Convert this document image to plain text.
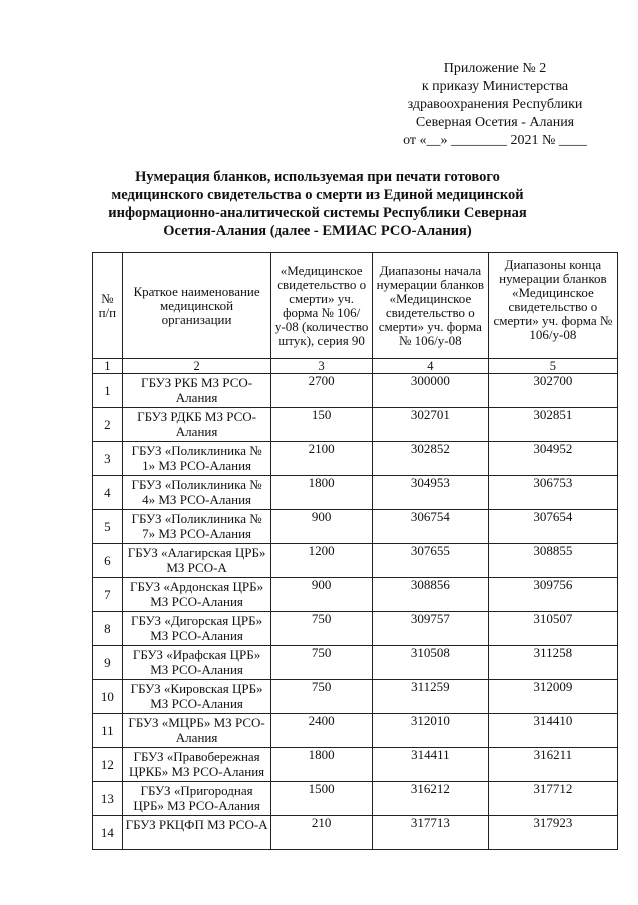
Приложение № 2
к приказу Министерства
здравоохранения Республики
Северная Осетия - Алания
от «__» ________ 2021 № ____
Нумерация бланков, используемая при печати готового медицинского свидетельства о смерти из Единой медицинской информационно-аналитической системы Республики Северная Осетия-Алания (далее - ЕМИАС РСО-Алания)
№ п/п	Краткое наименование медицинской организации	«Медицинское свидетельство о смерти» уч. форма № 106/у-08 (количество штук), серия 90	Диапазоны начала нумерации бланков «Медицинское свидетельство о смерти» уч. форма № 106/у-08	Диапазоны конца нумерации бланков «Медицинское свидетельство о смерти» уч. форма № 106/у-08
1	2	3	4	5
1	ГБУЗ РКБ МЗ РСО-Алания	2700	300000	302700
2	ГБУЗ РДКБ МЗ РСО-Алания	150	302701	302851
3	ГБУЗ «Поликлиника № 1» МЗ РСО-Алания	2100	302852	304952
4	ГБУЗ «Поликлиника № 4» МЗ РСО-Алания	1800	304953	306753
5	ГБУЗ «Поликлиника № 7» МЗ РСО-Алания	900	306754	307654
6	ГБУЗ «Алагирская ЦРБ» МЗ РСО-А	1200	307655	308855
7	ГБУЗ «Ардонская ЦРБ» МЗ РСО-Алания	900	308856	309756
8	ГБУЗ «Дигорская ЦРБ» МЗ РСО-Алания	750	309757	310507
9	ГБУЗ «Ирафская ЦРБ» МЗ РСО-Алания	750	310508	311258
10	ГБУЗ «Кировская ЦРБ» МЗ РСО-Алания	750	311259	312009
11	ГБУЗ «МЦРБ» МЗ РСО-Алания	2400	312010	314410
12	ГБУЗ «Правобережная ЦРКБ» МЗ РСО-Алания	1800	314411	316211
13	ГБУЗ «Пригородная ЦРБ» МЗ РСО-Алания	1500	316212	317712
14	ГБУЗ РКЦФП МЗ РСО-А	210	317713	317923
